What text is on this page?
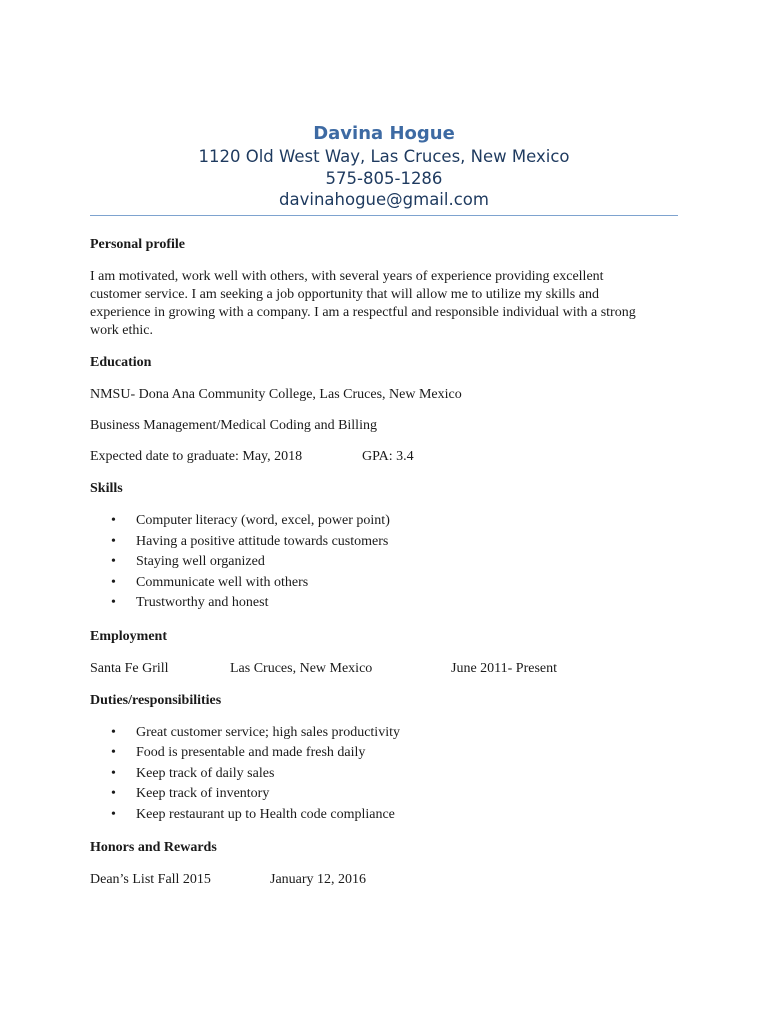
Davina Hogue
1120 Old West Way, Las Cruces, New Mexico
575-805-1286
davinahogue@gmail.com
Personal profile
I am motivated, work well with others, with several years of experience providing excellent
customer service. I am seeking a job opportunity that will allow me to utilize my skills and
experience in growing with a company. I am a respectful and responsible individual with a strong
work ethic.
Education
NMSU- Dona Ana Community College, Las Cruces, New Mexico
Business Management/Medical Coding and Billing
Expected date to graduate: May, 2018	GPA: 3.4
Skills
• Computer literacy (word, excel, power point)
• Having a positive attitude towards customers
• Staying well organized
• Communicate well with others
• Trustworthy and honest
Employment
Santa Fe Grill	Las Cruces, New Mexico	June 2011- Present
Duties/responsibilities
• Great customer service; high sales productivity
• Food is presentable and made fresh daily
• Keep track of daily sales
• Keep track of inventory
• Keep restaurant up to Health code compliance
Honors and Rewards
Dean’s List Fall 2015	January 12, 2016
